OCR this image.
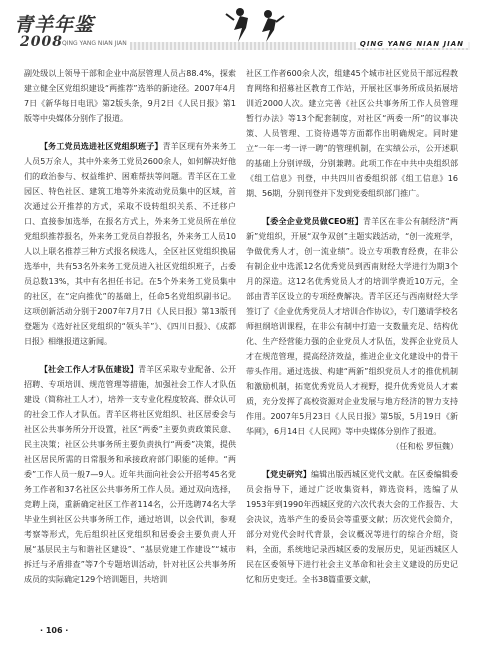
青羊年鉴
2008 QING YANG NIAN JIAN	QING YANG NIAN JIAN

副处级以上领导干部和企业中高层管理人员占88.4%，探索建立健全区党组织建设“两推荐”选举的新途径。2007年4月7日《新华每日电讯》第2版头条，9月2日《人民日报》第1版等中央媒体分别作了报道。

【务工党员选进社区党组织班子】青羊区现有外来务工人员5万余人，其中外来务工党员2600余人，如何解决好他们的政治参与、权益维护、困难帮扶等问题。青羊区在工业园区、特色社区、建筑工地等外来流动党员集中的区域，首次通过公开推荐的方式，采取不设转组织关系、不迁移户口、直接参加选举，在报名方式上，外来务工党员所在单位党组织推荐报名，外来务工党员自荐报名，外来务工人员10人以上联名推荐三种方式报名候选人，全区社区党组织换届选举中，共有53名外来务工党员进入社区党组织班子，占委员总数13%，其中有名担任书记。在5个外来务工党员集中的社区，在“定向推优”的基础上，任命5名党组织副书记。这项创新活动分别于2007年7月7日《人民日报》第13版刊登题为《选好社区党组织的“领头羊”》、《四川日报》、《成都日报》相继报道这新闻。

【社会工作人才队伍建设】青羊区采取专业配备、公开招聘、专项培训、规范管理等措施，加强社会工作人才队伍建设（简称社工人才），培养一支专业化程度较高、群众认可的社会工作人才队伍。青羊区将社区党组织、社区居委会与社区公共事务所分开设置，社区“两委”主要负责政策民意、民主决策；社区公共事务所主要负责执行“两委”决策，提供社区居民所需的日常服务和承接政府部门职能的延伸。“两委”工作人员一般7—9人。近年共面向社会公开招考45名党务工作者和37名社区公共事务所工作人员。通过双向选择，竞聘上岗，重新确定社区工作者114名，公开选聘74名大学毕业生到社区公共事务所工作，通过培训，以会代训，参观考察等形式，先后组织社区党组织和居委会主要负责人开展“基层民主与和谐社区建设”、“基层党建工作建设”“城市拆迁与矛盾排查”等7个专题培训活动，针对社区公共事务所成员的实际确定129个培训题目，共培训

社区工作者600余人次，组建45个城市社区党员干部远程教育网络和招募社区教育工作站，开展社区事务所成员拓展培训近2000人次。建立完善《社区公共事务所工作人员管理暂行办法》等13个配套制度，对社区“两委一所”的议事决策、人员管理、工资待遇等方面都作出明确规定。同时建立“一年一考一评一聘”的管理机制，在实绩公示，公开述职的基础上分别评级，分别兼聘。此项工作在中共中央组织部《组工信息》刊登，中共四川省委组织部《组工信息》16期、56期，分别刊登并下发到党委组织部门推广。

【委全企业党员做CEO班】青羊区在非公有制经济“两新”党组织，开展“双争双创”主题实践活动，“创一流班学，争做优秀人才，创一流业绩”。设立专项教育经费，在非公有制企业中选派12名优秀党员到西南财经大学进行为期3个月的深造。这12名优秀党员人才的培训学费近10万元，全部由青羊区设立的专项经费解决。青羊区还与西南财经大学签订了《企业优秀党员人才培训合作协议》，专门邀请学校名师担纲培训课程，在非公有制中打造一支数量充足、结构优化、生产经营能力强的企业党员人才队伍，发挥企业党员人才在规范管理，提高经济效益，推进企业文化建设中的骨干带头作用。通过选拔、构建“两新”组织党员人才的推优机制和激励机制，拓宽优秀党员人才视野，提升优秀党员人才素质，充分发挥了高校资源对企业发展与地方经济的智力支持作用。2007年5月23日《人民日报》第5版，5月19日《新华网》，6月14日《人民网》等中央媒体分别作了报道。

（任和松 罗恒魏）

【党史研究】编辑出版西城区党代文献。在区委编辑委员会指导下，通过广泛收集资料，筛选资料，选编了从1953年到1990年西城区党的六次代表大会的工作报告、大会决议，选举产生的委员会等重要文献；历次党代会简介，部分对党代会时代背景，会议概况等进行的综合介绍，资料，全面，系统地记录西城区委的发展历史，见证西城区人民在区委领导下进行社会主义革命和社会主义建设的历史记忆和历史变迁。全书38篇重要文献，

· 106 ·
